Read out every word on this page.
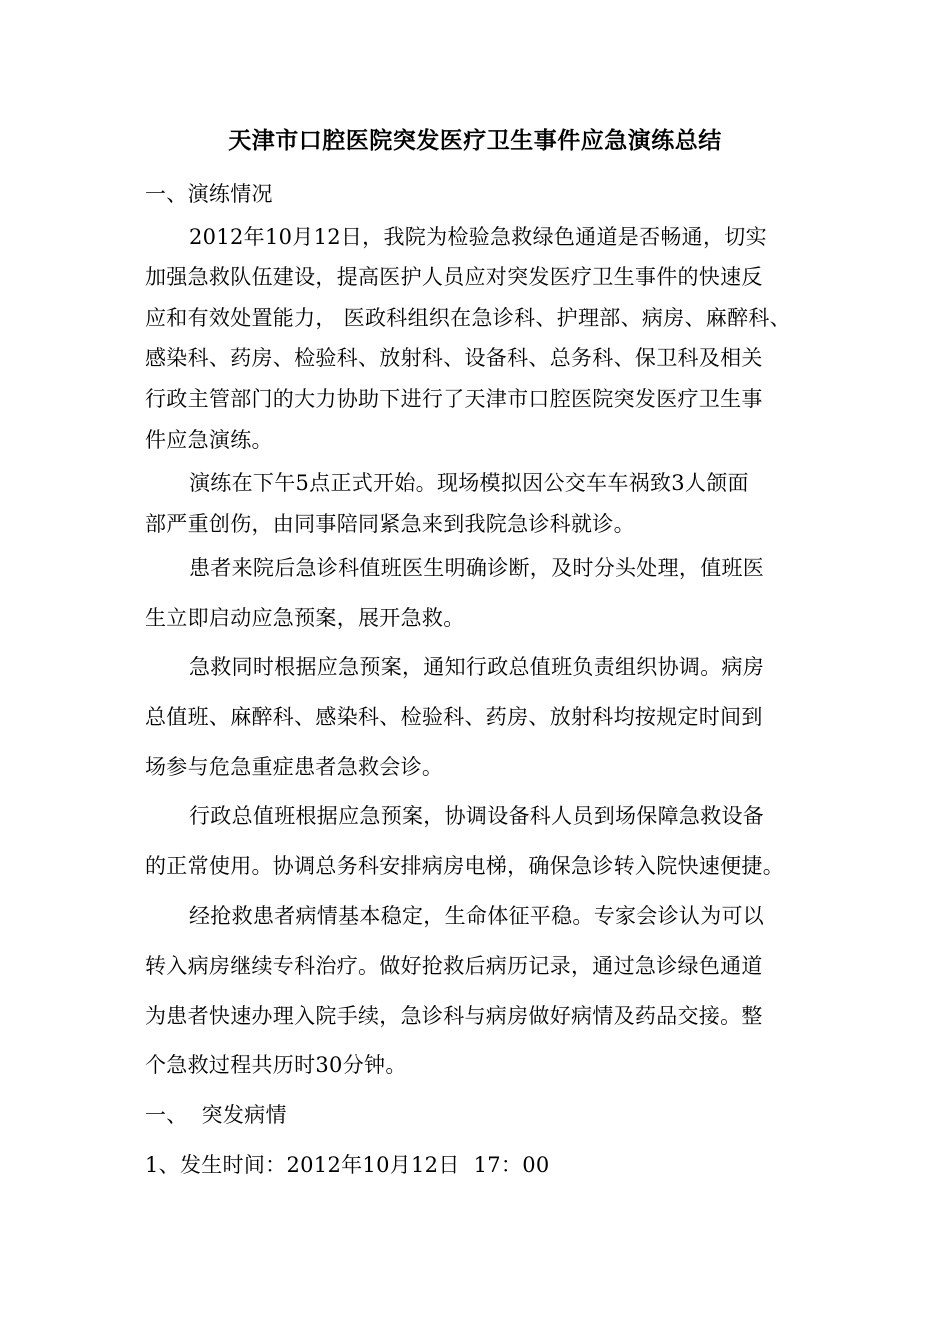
天津市口腔医院突发医疗卫生事件应急演练总结
一、演练情况
2012年10月12日，我院为检验急救绿色通道是否畅通，切实
加强急救队伍建设，提高医护人员应对突发医疗卫生事件的快速反
应和有效处置能力， 医政科组织在急诊科、护理部、病房、麻醉科、
感染科、药房、检验科、放射科、设备科、总务科、保卫科及相关
行政主管部门的大力协助下进行了天津市口腔医院突发医疗卫生事
件应急演练。
演练在下午5点正式开始。现场模拟因公交车车祸致3人颌面
部严重创伤，由同事陪同紧急来到我院急诊科就诊。
患者来院后急诊科值班医生明确诊断，及时分头处理，值班医
生立即启动应急预案，展开急救。
急救同时根据应急预案，通知行政总值班负责组织协调。病房
总值班、麻醉科、感染科、检验科、药房、放射科均按规定时间到
场参与危急重症患者急救会诊。
行政总值班根据应急预案，协调设备科人员到场保障急救设备
的正常使用。协调总务科安排病房电梯，确保急诊转入院快速便捷。
经抢救患者病情基本稳定，生命体征平稳。专家会诊认为可以
转入病房继续专科治疗。做好抢救后病历记录，通过急诊绿色通道
为患者快速办理入院手续，急诊科与病房做好病情及药品交接。整
个急救过程共历时30分钟。
一、  突发病情
1、发生时间：2012年10月12日  17：00
